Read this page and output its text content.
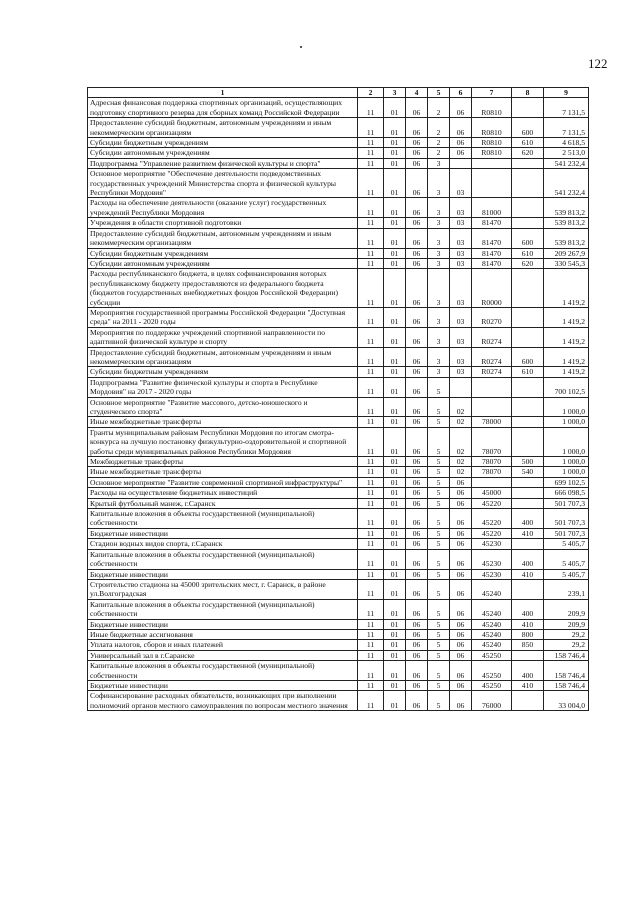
122
1	2	3	4	5	6	7	8	9
Адресная финансовая поддержка спортивных организаций, осуществляющих подготовку спортивного резерва для сборных команд Российской Федерации	11	01	06	2	06	R0810		7 131,5
Предоставление субсидий бюджетным, автономным учреждениям и иным некоммерческим организациям	11	01	06	2	06	R0810	600	7 131,5
Субсидии бюджетным учреждениям	11	01	06	2	06	R0810	610	4 618,5
Субсидии автономным учреждениям	11	01	06	2	06	R0810	620	2 513,0
Подпрограмма "Управление развитием физической культуры и спорта"	11	01	06	3				541 232,4
Основное мероприятие "Обеспечение деятельности подведомственных государственных учреждений Министерства спорта и физической культуры Республики Мордовия"	11	01	06	3	03			541 232,4
Расходы на обеспечение деятельности (оказание услуг) государственных учреждений Республики Мордовия	11	01	06	3	03	81000		539 813,2
Учреждения в области спортивной подготовки	11	01	06	3	03	81470		539 813,2
Предоставление субсидий бюджетным, автономным учреждениям и иным некоммерческим организациям	11	01	06	3	03	81470	600	539 813,2
Субсидии бюджетным учреждениям	11	01	06	3	03	81470	610	209 267,9
Субсидии автономным учреждениям	11	01	06	3	03	81470	620	330 545,3
Расходы республиканского бюджета, в целях софинансирования которых республиканскому бюджету предоставляются из федерального бюджета (бюджетов государственных внебюджетных фондов Российской Федерации) субсидии	11	01	06	3	03	R0000		1 419,2
Мероприятия государственной программы Российской Федерации "Доступная среда" на 2011 - 2020 годы	11	01	06	3	03	R0270		1 419,2
Мероприятия по поддержке учреждений спортивной направленности по адаптивной физической культуре и спорту	11	01	06	3	03	R0274		1 419,2
Предоставление субсидий бюджетным, автономным учреждениям и иным некоммерческим организациям	11	01	06	3	03	R0274	600	1 419,2
Субсидии бюджетным учреждениям	11	01	06	3	03	R0274	610	1 419,2
Подпрограмма "Развитие физической культуры и спорта в Республике Мордовия" на 2017 - 2020 годы	11	01	06	5				700 102,5
Основное мероприятие "Развитие массового, детско-юношеского и студенческого спорта"	11	01	06	5	02			1 000,0
Иные межбюджетные трансферты	11	01	06	5	02	78000		1 000,0
Гранты муниципальным районам Республики Мордовия по итогам смотра-конкурса на лучшую постановку физкультурно-оздоровительной и спортивной работы среди муниципальных районов Республики Мордовия	11	01	06	5	02	78070		1 000,0
Межбюджетные трансферты	11	01	06	5	02	78070	500	1 000,0
Иные межбюджетные трансферты	11	01	06	5	02	78070	540	1 000,0
Основное мероприятие "Развитие современной спортивной инфраструктуры"	11	01	06	5	06			699 102,5
Расходы на осуществление бюджетных инвестиций	11	01	06	5	06	45000		666 098,5
Крытый футбольный манеж, г.Саранск	11	01	06	5	06	45220		501 707,3
Капитальные вложения в объекты государственной (муниципальной) собственности	11	01	06	5	06	45220	400	501 707,3
Бюджетные инвестиции	11	01	06	5	06	45220	410	501 707,3
Стадион водных видов спорта, г.Саранск	11	01	06	5	06	45230		5 405,7
Капитальные вложения в объекты государственной (муниципальной) собственности	11	01	06	5	06	45230	400	5 405,7
Бюджетные инвестиции	11	01	06	5	06	45230	410	5 405,7
Строительство стадиона на 45000 зрительских мест, г. Саранск, в районе ул.Волгоградская	11	01	06	5	06	45240		239,1
Капитальные вложения в объекты государственной (муниципальной) собственности	11	01	06	5	06	45240	400	209,9
Бюджетные инвестиции	11	01	06	5	06	45240	410	209,9
Иные бюджетные ассигнования	11	01	06	5	06	45240	800	29,2
Уплата налогов, сборов и иных платежей	11	01	06	5	06	45240	850	29,2
Универсальный зал в г.Саранске	11	01	06	5	06	45250		158 746,4
Капитальные вложения в объекты государственной (муниципальной) собственности	11	01	06	5	06	45250	400	158 746,4
Бюджетные инвестиции	11	01	06	5	06	45250	410	158 746,4
Софинансирование расходных обязательств, возникающих при выполнении полномочий органов местного самоуправления по вопросам местного значения	11	01	06	5	06	76000		33 004,0
